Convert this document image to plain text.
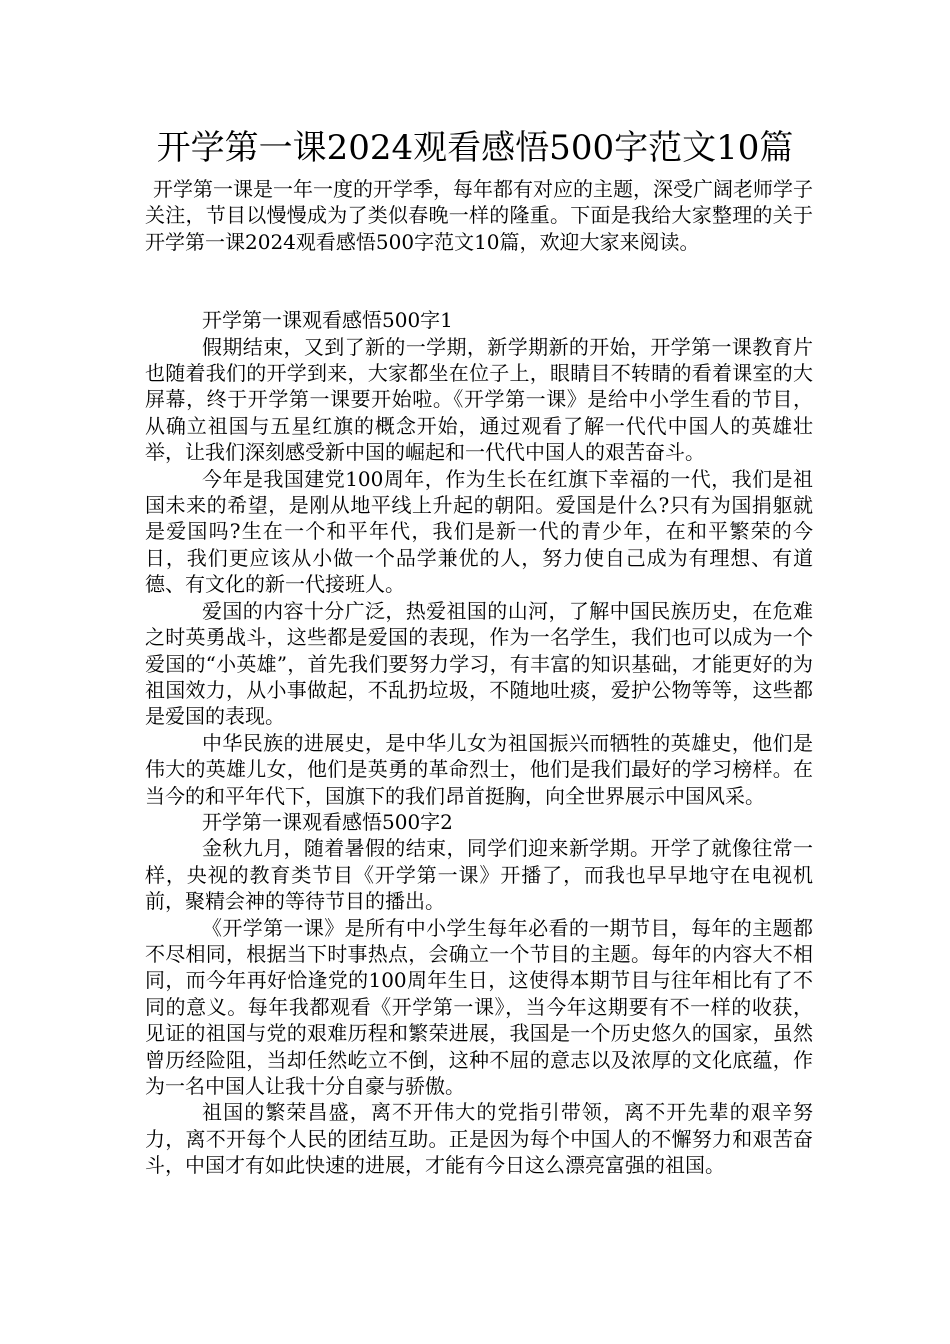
开学第一课2024观看感悟500字范文10篇

开学第一课是一年一度的开学季，每年都有对应的主题，深受广阔老师学子关注，节目以慢慢成为了类似春晚一样的隆重。下面是我给大家整理的关于开学第一课2024观看感悟500字范文10篇，欢迎大家来阅读。

开学第一课观看感悟500字1

假期结束，又到了新的一学期，新学期新的开始，开学第一课教育片也随着我们的开学到来，大家都坐在位子上，眼睛目不转睛的看着课室的大屏幕，终于开学第一课要开始啦。《开学第一课》是给中小学生看的节目，从确立祖国与五星红旗的概念开始，通过观看了解一代代中国人的英雄壮举，让我们深刻感受新中国的崛起和一代代中国人的艰苦奋斗。

今年是我国建党100周年，作为生长在红旗下幸福的一代，我们是祖国未来的希望，是刚从地平线上升起的朝阳。爱国是什么?只有为国捐躯就是爱国吗?生在一个和平年代，我们是新一代的青少年，在和平繁荣的今日，我们更应该从小做一个品学兼优的人，努力使自己成为有理想、有道德、有文化的新一代接班人。

爱国的内容十分广泛，热爱祖国的山河，了解中国民族历史，在危难之时英勇战斗，这些都是爱国的表现，作为一名学生，我们也可以成为一个爱国的“小英雄”，首先我们要努力学习，有丰富的知识基础，才能更好的为祖国效力，从小事做起，不乱扔垃圾，不随地吐痰，爱护公物等等，这些都是爱国的表现。

中华民族的进展史，是中华儿女为祖国振兴而牺牲的英雄史，他们是伟大的英雄儿女，他们是英勇的革命烈士，他们是我们最好的学习榜样。在当今的和平年代下，国旗下的我们昂首挺胸，向全世界展示中国风采。

开学第一课观看感悟500字2

金秋九月，随着暑假的结束，同学们迎来新学期。开学了就像往常一样，央视的教育类节目《开学第一课》开播了，而我也早早地守在电视机前，聚精会神的等待节目的播出。

《开学第一课》是所有中小学生每年必看的一期节目，每年的主题都不尽相同，根据当下时事热点，会确立一个节目的主题。每年的内容大不相同，而今年再好恰逢党的100周年生日，这使得本期节目与往年相比有了不同的意义。每年我都观看《开学第一课》，当今年这期要有不一样的收获，见证的祖国与党的艰难历程和繁荣进展，我国是一个历史悠久的国家，虽然曾历经险阻，当却任然屹立不倒，这种不屈的意志以及浓厚的文化底蕴，作为一名中国人让我十分自豪与骄傲。

祖国的繁荣昌盛，离不开伟大的党指引带领，离不开先辈的艰辛努力，离不开每个人民的团结互助。正是因为每个中国人的不懈努力和艰苦奋斗，中国才有如此快速的进展，才能有今日这么漂亮富强的祖国。
